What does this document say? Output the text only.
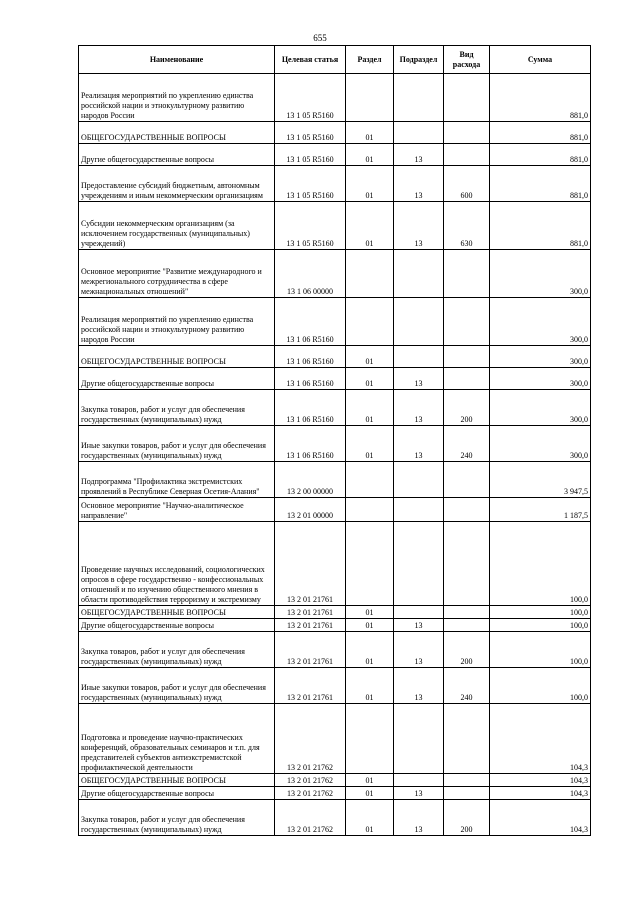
655
Наименование	Целевая статья	Раздел	Подраздел	Вид расхода	Сумма
Реализация мероприятий по укреплению единства российской нации и этнокультурному развитию народов России	13 1 05 R5160				881,0
ОБЩЕГОСУДАРСТВЕННЫЕ ВОПРОСЫ	13 1 05 R5160	01			881,0
Другие общегосударственные вопросы	13 1 05 R5160	01	13		881,0
Предоставление субсидий бюджетным, автономным учреждениям и иным некоммерческим организациям	13 1 05 R5160	01	13	600	881,0
Субсидии некоммерческим организациям (за исключением государственных (муниципальных) учреждений)	13 1 05 R5160	01	13	630	881,0
Основное мероприятие "Развитие международного и межрегионального сотрудничества в сфере межнациональных отношений"	13 1 06 00000				300,0
Реализация мероприятий по укреплению единства российской нации и этнокультурному развитию народов России	13 1 06 R5160				300,0
ОБЩЕГОСУДАРСТВЕННЫЕ ВОПРОСЫ	13 1 06 R5160	01			300,0
Другие общегосударственные вопросы	13 1 06 R5160	01	13		300,0
Закупка товаров, работ и услуг для обеспечения государственных (муниципальных) нужд	13 1 06 R5160	01	13	200	300,0
Иные закупки товаров, работ и услуг для обеспечения государственных (муниципальных) нужд	13 1 06 R5160	01	13	240	300,0
Подпрограмма "Профилактика экстремистских проявлений в Республике Северная Осетия-Алания"	13 2 00 00000				3 947,5
Основное мероприятие "Научно-аналитическое направление"	13 2 01 00000				1 187,5
Проведение научных исследований, социологических опросов в сфере государственно - конфессиональных отношений и по изучению общественного мнения в области противодействия терроризму и экстремизму	13 2 01 21761				100,0
ОБЩЕГОСУДАРСТВЕННЫЕ ВОПРОСЫ	13 2 01 21761	01			100,0
Другие общегосударственные вопросы	13 2 01 21761	01	13		100,0
Закупка товаров, работ и услуг для обеспечения государственных (муниципальных) нужд	13 2 01 21761	01	13	200	100,0
Иные закупки товаров, работ и услуг для обеспечения государственных (муниципальных) нужд	13 2 01 21761	01	13	240	100,0
Подготовка и проведение научно-практических конференций, образовательных семинаров и т.п. для представителей субъектов антиэкстремистской профилактической деятельности	13 2 01 21762				104,3
ОБЩЕГОСУДАРСТВЕННЫЕ ВОПРОСЫ	13 2 01 21762	01			104,3
Другие общегосударственные вопросы	13 2 01 21762	01	13		104,3
Закупка товаров, работ и услуг для обеспечения государственных (муниципальных) нужд	13 2 01 21762	01	13	200	104,3
